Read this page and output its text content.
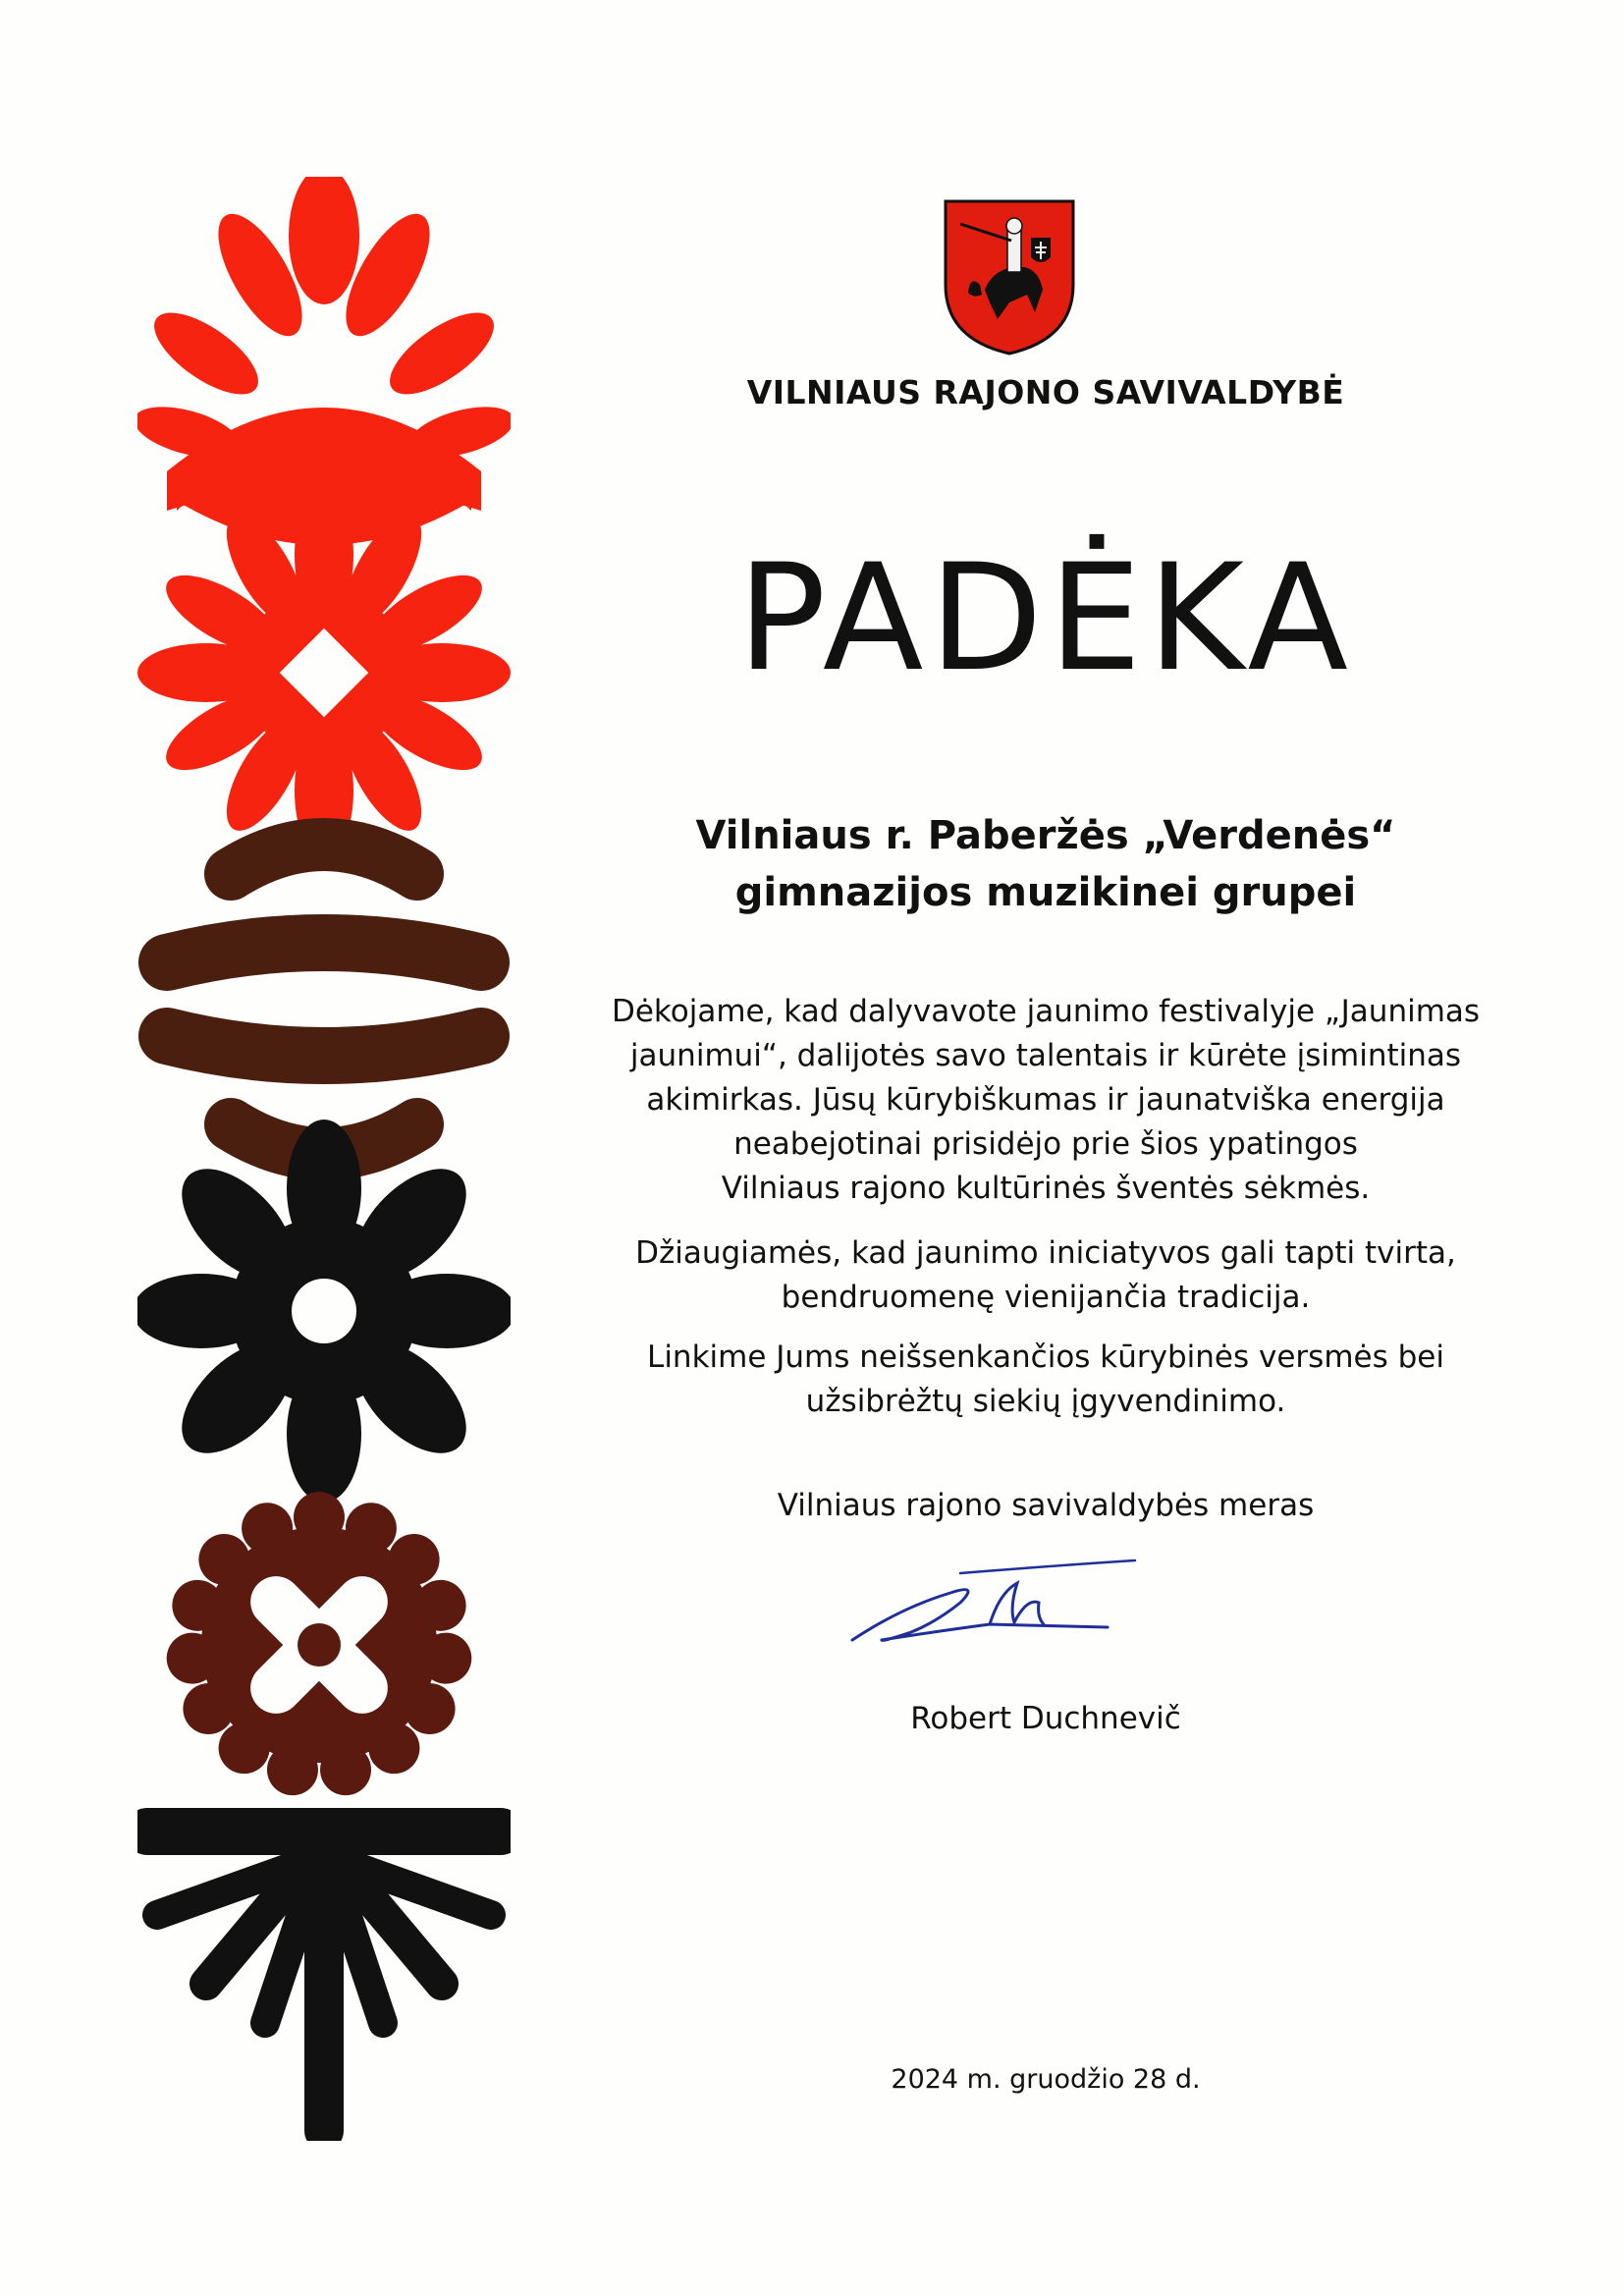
VILNIAUS RAJONO SAVIVALDYBĖ
PADĖKA
Vilniaus r. Paberžės „Verdenės“
gimnazijos muzikinei grupei
Dėkojame, kad dalyvavote jaunimo festivalyje „Jaunimas
jaunimui“, dalijotės savo talentais ir kūrėte įsimintinas
akimirkas. Jūsų kūrybiškumas ir jaunatviška energija
neabejotinai prisidėjo prie šios ypatingos
Vilniaus rajono kultūrinės šventės sėkmės.
Džiaugiamės, kad jaunimo iniciatyvos gali tapti tvirta,
bendruomenę vienijančia tradicija.
Linkime Jums neišsenkančios kūrybinės versmės bei
užsibrėžtų siekių įgyvendinimo.
Vilniaus rajono savivaldybės meras
Robert Duchnevič
2024 m. gruodžio 28 d.
